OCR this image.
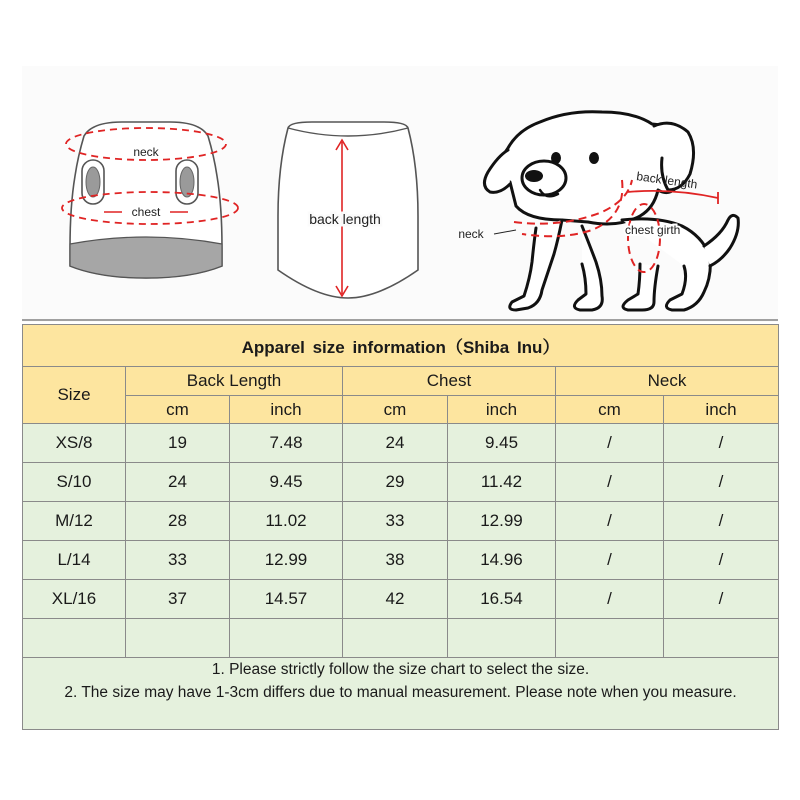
neck
chest	back length
neck
back length
chest girth
Apparel size information（Shiba Inu）						
Size	Back Length		Chest		Neck	
	cm	inch	cm	inch	cm	inch
XS/8	19	7.48	24	9.45	/	/
S/10	24	9.45	29	11.42	/	/
M/12	28	11.02	33	12.99	/	/
L/14	33	12.99	38	14.96	/	/
XL/16	37	14.57	42	16.54	/	/

1. Please strictly follow the size chart to select the size.
2. The size may have 1-3cm differs due to manual measurement. Please note when you measure.						
